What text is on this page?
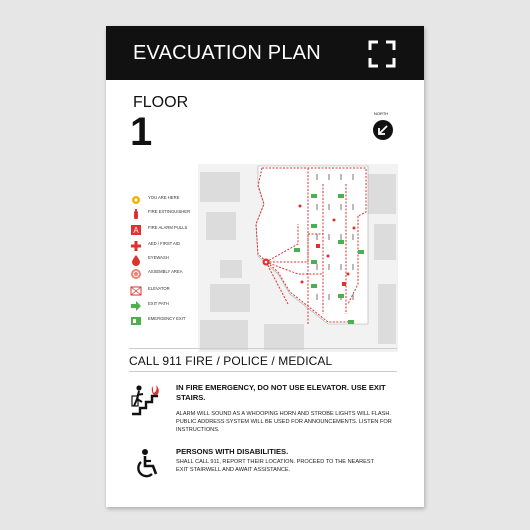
EVACUATION PLAN
FLOOR
1	NORTH
YOU ARE HERE
FIRE EXTINGUISHER
A FIRE ALARM PULLS
AED / FIRST AID
EYEWASH
ASSEMBLY AREA
ELEVATOR
EXIT PATH
EMERGENCY EXIT
CALL 911 FIRE / POLICE / MEDICAL
IN FIRE EMERGENCY, DO NOT USE ELEVATOR. USE EXIT STAIRS.
ALARM WILL SOUND AS A WHOOPING HORN AND STROBE LIGHTS WILL FLASH. PUBLIC ADDRESS SYSTEM WILL BE USED FOR ANNOUNCEMENTS. LISTEN FOR INSTRUCTIONS.
PERSONS WITH DISABILITIES.
SHALL CALL 911, REPORT THEIR LOCATION. PROCEED TO THE NEAREST EXIT STAIRWELL AND AWAIT ASSISTANCE.
